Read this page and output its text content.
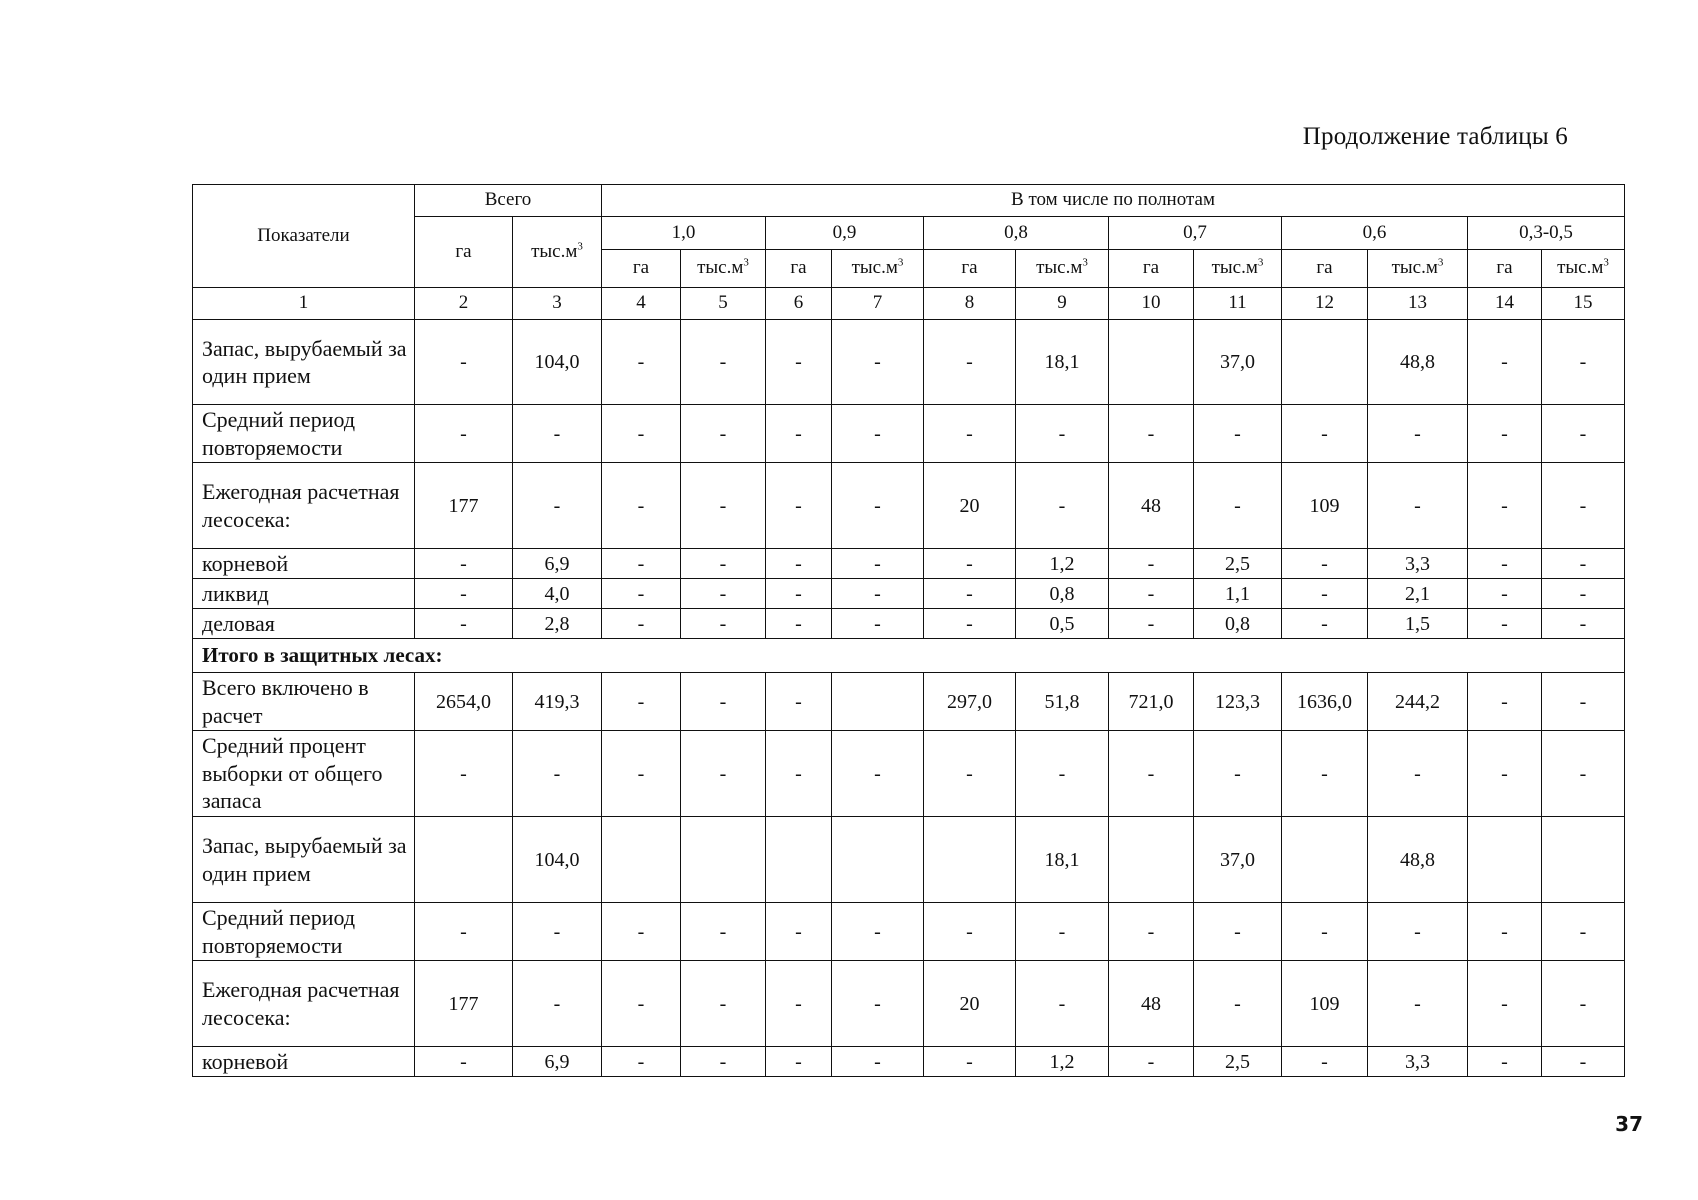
Продолжение таблицы 6
Показатели	Всего		В том числе по полнотам											
	га	$тыс.м^3$	1,0		0,9		0,8		0,7		0,6		0,3-0,5	
			га	$тыс.м^3$	га	$тыс.м^3$	га	$тыс.м^3$	га	$тыс.м^3$	га	$тыс.м^3$	га	$тыс.м^3$
1	2	3	4	5	6	7	8	9	10	11	12	13	14	15
Запас, вырубаемый за один прием	-	104,0	-	-	-	-	-	18,1		37,0		48,8	-	-
Средний период повторяемости	-	-	-	-	-	-	-	-	-	-	-	-	-	-
Ежегодная расчетная лесосека:	177	-	-	-	-	-	20	-	48	-	109	-	-	-
корневой	-	6,9	-	-	-	-	-	1,2	-	2,5	-	3,3	-	-
ликвид	-	4,0	-	-	-	-	-	0,8	-	1,1	-	2,1	-	-
деловая	-	2,8	-	-	-	-	-	0,5	-	0,8	-	1,5	-	-
Итого в защитных лесах:														
Всего включено в расчет	2654,0	419,3	-	-	-		297,0	51,8	721,0	123,3	1636,0	244,2	-	-
Средний процент выборки от общего запаса	-	-	-	-	-	-	-	-	-	-	-	-	-	-
Запас, вырубаемый за один прием		104,0						18,1		37,0		48,8		
Средний период повторяемости	-	-	-	-	-	-	-	-	-	-	-	-	-	-
Ежегодная расчетная лесосека:	177	-	-	-	-	-	20	-	48	-	109	-	-	-
корневой	-	6,9	-	-	-	-	-	1,2	-	2,5	-	3,3	-	-
37
